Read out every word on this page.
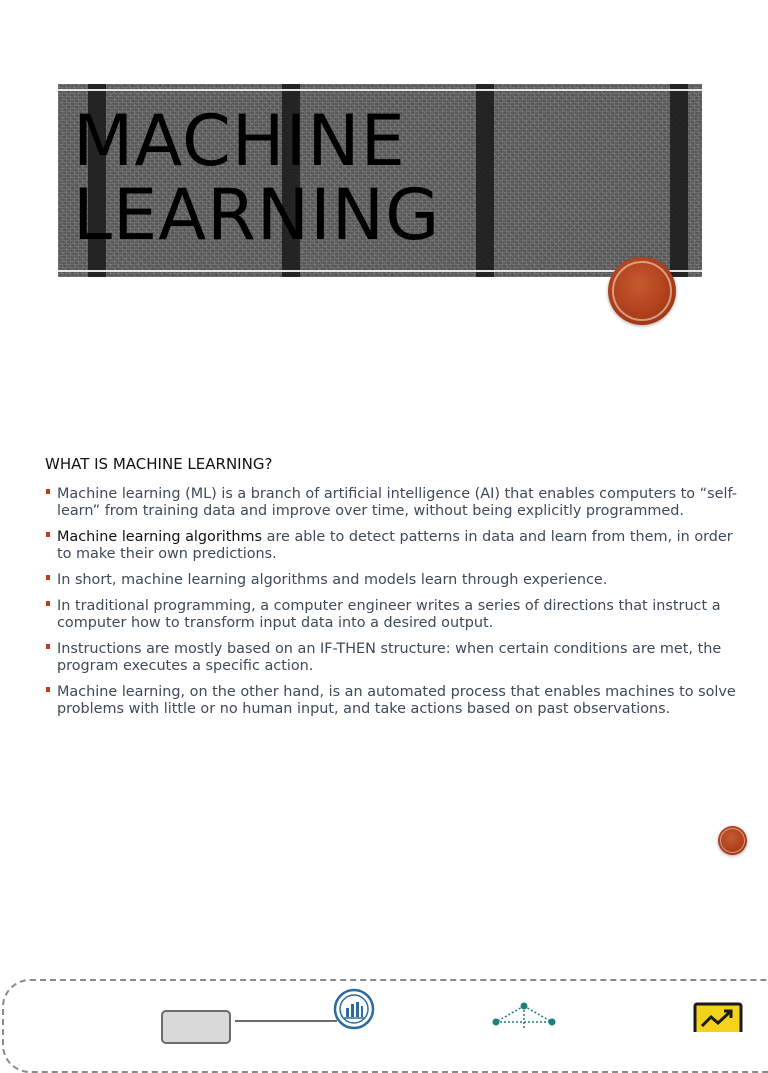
MACHINE
LEARNING
WHAT IS MACHINE LEARNING?
Machine learning (ML) is a branch of artificial intelligence (AI) that enables computers to “self-learn” from training data and improve over time, without being explicitly programmed.
Machine learning algorithms are able to detect patterns in data and learn from them, in order to make their own predictions.
In short, machine learning algorithms and models learn through experience.
In traditional programming, a computer engineer writes a series of directions that instruct a computer how to transform input data into a desired output.
Instructions are mostly based on an IF-THEN structure: when certain conditions are met, the program executes a specific action.
Machine learning, on the other hand, is an automated process that enables machines to solve problems with little or no human input, and take actions based on past observations.
